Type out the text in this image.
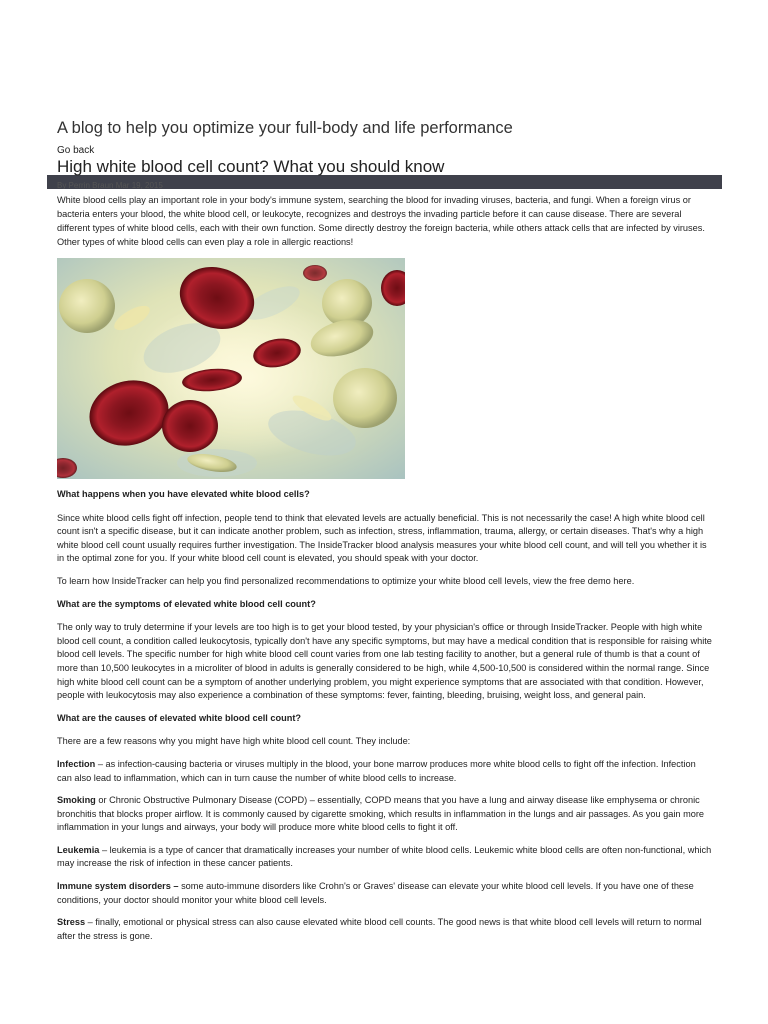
A blog to help you optimize your full-body and life performance
Go back
High white blood cell count? What you should know
By Perrin Braun Mar 19, 2015

White blood cells play an important role in your body's immune system, searching the blood for invading viruses, bacteria, and fungi. When a foreign virus or bacteria enters your blood, the white blood cell, or leukocyte, recognizes and destroys the invading particle before it can cause disease. There are several different types of white blood cells, each with their own function. Some directly destroy the foreign bacteria, while others attack cells that are infected by viruses. Other types of white blood cells can even play a role in allergic reactions!

What happens when you have elevated white blood cells?

Since white blood cells fight off infection, people tend to think that elevated levels are actually beneficial. This is not necessarily the case! A high white blood cell count isn't a specific disease, but it can indicate another problem, such as infection, stress, inflammation, trauma, allergy, or certain diseases. That's why a high white blood cell count usually requires further investigation. The InsideTracker blood analysis measures your white blood cell count, and will tell you whether it is in the optimal zone for you. If your white blood cell count is elevated, you should speak with your doctor.

To learn how InsideTracker can help you find personalized recommendations to optimize your white blood cell levels, view the free demo here.

What are the symptoms of elevated white blood cell count?

The only way to truly determine if your levels are too high is to get your blood tested, by your physician's office or through InsideTracker. People with high white blood cell count, a condition called leukocytosis, typically don't have any specific symptoms, but may have a medical condition that is responsible for raising white blood cell levels. The specific number for high white blood cell count varies from one lab testing facility to another, but a general rule of thumb is that a count of more than 10,500 leukocytes in a microliter of blood in adults is generally considered to be high, while 4,500-10,500 is considered within the normal range. Since high white blood cell count can be a symptom of another underlying problem, you might experience symptoms that are associated with that condition. However, people with leukocytosis may also experience a combination of these symptoms: fever, fainting, bleeding, bruising, weight loss, and general pain.

What are the causes of elevated white blood cell count?

There are a few reasons why you might have high white blood cell count. They include:

Infection – as infection-causing bacteria or viruses multiply in the blood, your bone marrow produces more white blood cells to fight off the infection. Infection can also lead to inflammation, which can in turn cause the number of white blood cells to increase.

Smoking or Chronic Obstructive Pulmonary Disease (COPD) – essentially, COPD means that you have a lung and airway disease like emphysema or chronic bronchitis that blocks proper airflow. It is commonly caused by cigarette smoking, which results in inflammation in the lungs and air passages. As you gain more inflammation in your lungs and airways, your body will produce more white blood cells to fight it off.

Leukemia – leukemia is a type of cancer that dramatically increases your number of white blood cells. Leukemic white blood cells are often non-functional, which may increase the risk of infection in these cancer patients.

Immune system disorders – some auto-immune disorders like Crohn's or Graves' disease can elevate your white blood cell levels. If you have one of these conditions, your doctor should monitor your white blood cell levels.

Stress – finally, emotional or physical stress can also cause elevated white blood cell counts. The good news is that white blood cell levels will return to normal after the stress is gone.
